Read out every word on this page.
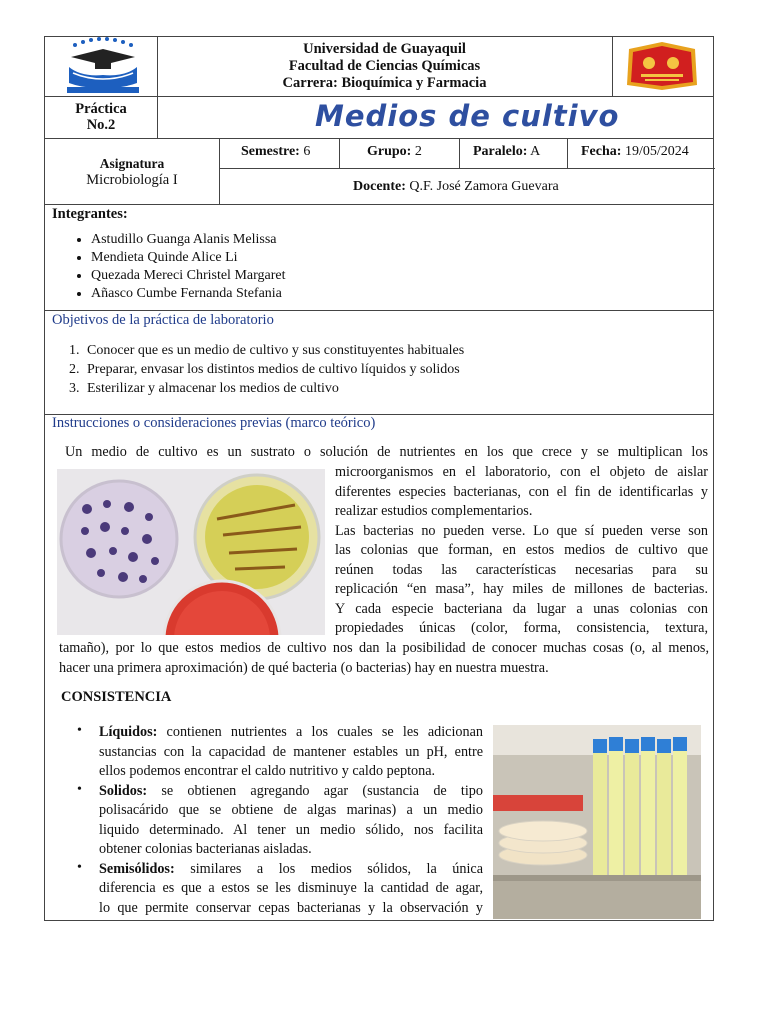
Universidad de Guayaquil
Facultad de Ciencias Químicas
Carrera: Bioquímica y Farmacia
Práctica
No.2	Medios de cultivo
Asignatura
Microbiología I
Semestre: 6	Grupo: 2	Paralelo: A	Fecha: 19/05/2024
Docente: Q.F. José Zamora Guevara
Integrantes:
• Astudillo Guanga Alanis Melissa
• Mendieta Quinde Alice Li
• Quezada Mereci Christel Margaret
• Añasco Cumbe Fernanda Stefania
Objetivos de la práctica de laboratorio
1. Conocer que es un medio de cultivo y sus constituyentes habituales
2. Preparar, envasar los distintos medios de cultivo líquidos y solidos
3. Esterilizar y almacenar los medios de cultivo
Instrucciones o consideraciones previas (marco teórico)
Un medio de cultivo es un sustrato o solución de nutrientes en los que crece y se multiplican los
microorganismos en el laboratorio, con el objeto de aislar
diferentes especies bacterianas, con el fin de identificarlas y
realizar estudios complementarios.
Las bacterias no pueden verse. Lo que sí pueden verse son
las colonias que forman, en estos medios de cultivo que
reúnen todas las características necesarias para su
replicación “en masa”, hay miles de millones de bacterias.
Y cada especie bacteriana da lugar a unas colonias con
propiedades únicas (color, forma, consistencia, textura,
tamaño), por lo que estos medios de cultivo nos dan la posibilidad de conocer muchas cosas (o, al menos,
hacer una primera aproximación) de qué bacteria (o bacterias) hay en nuestra muestra.
CONSISTENCIA
• Líquidos: contienen nutrientes a los cuales se les adicionan
sustancias con la capacidad de mantener estables un pH, entre
ellos podemos encontrar el caldo nutritivo y caldo peptona.
• Solidos: se obtienen agregando agar (sustancia de tipo
polisacárido que se obtiene de algas marinas) a un medio
liquido determinado. Al tener un medio sólido, nos facilita
obtener colonias bacterianas aisladas.
• Semisólidos: similares a los medios sólidos, la única
diferencia es que a estos se les disminuye la cantidad de agar,
lo que permite conservar cepas bacterianas y la observación y
